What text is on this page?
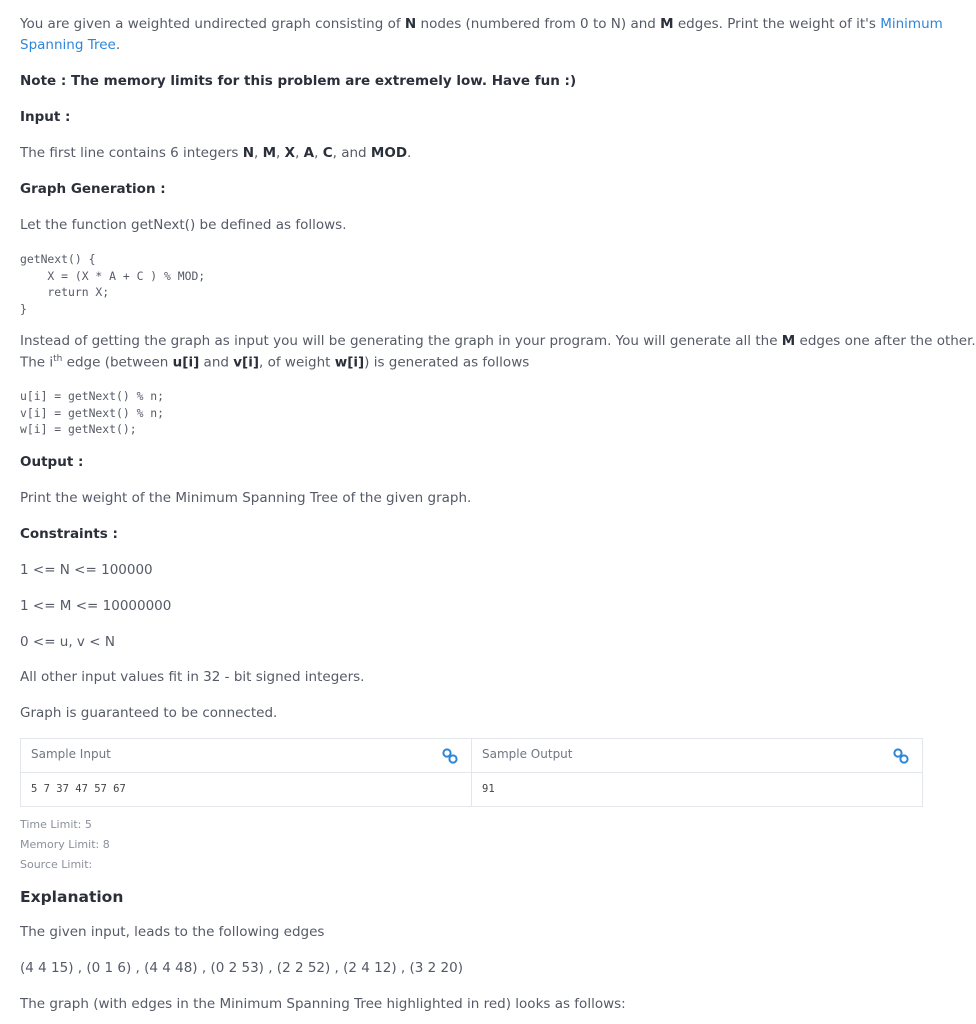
You are given a weighted undirected graph consisting of N nodes (numbered from 0 to N) and M edges. Print the weight of it's Minimum
Spanning Tree.
Note : The memory limits for this problem are extremely low. Have fun :)
Input :
The first line contains 6 integers N, M, X, A, C, and MOD.
Graph Generation :
Let the function getNext() be defined as follows.
getNext() {
X = (X * A + C ) % MOD;
return X;
}
Instead of getting the graph as input you will be generating the graph in your program. You will generate all the M edges one after the other.
The $i^{th}$ edge (between u[i] and v[i], of weight w[i]) is generated as follows
u[i] = getNext() % n;
v[i] = getNext() % n;
w[i] = getNext();
Output :
Print the weight of the Minimum Spanning Tree of the given graph.
Constraints :
1 <= N <= 100000
1 <= M <= 10000000
0 <= u, v < N
All other input values fit in 32 - bit signed integers.
Graph is guaranteed to be connected.
Sample Input	Sample Output
5 7 37 47 57 67	91
Time Limit: 5
Memory Limit: 8
Source Limit:
Explanation
The given input, leads to the following edges
(4 4 15) , (0 1 6) , (4 4 48) , (0 2 53) , (2 2 52) , (2 4 12) , (3 2 20)
The graph (with edges in the Minimum Spanning Tree highlighted in red) looks as follows:
